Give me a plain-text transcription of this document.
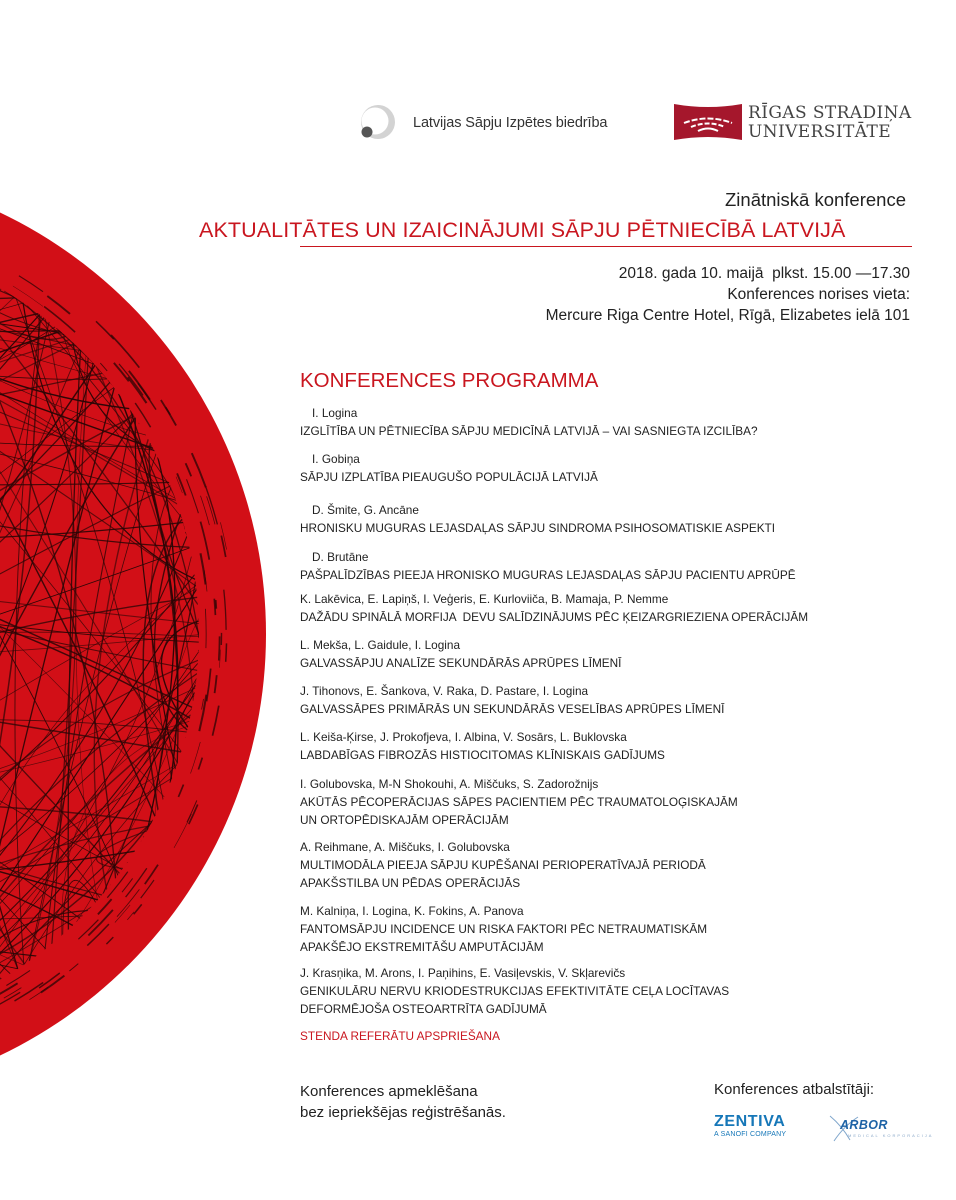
Latvijas Sāpju Izpētes biedrība	RĪGAS STRADIŅA
UNIVERSITĀTE
Zinātniskā konference
AKTUALITĀTES UN IZAICINĀJUMI SĀPJU PĒTNIECĪBĀ LATVIJĀ
2018. gada 10. maijā  plkst. 15.00 —17.30
Konferences norises vieta:
Mercure Riga Centre Hotel, Rīgā, Elizabetes ielā 101
KONFERENCES PROGRAMMA
I. Logina
IZGLĪTĪBA UN PĒTNIECĪBA SĀPJU MEDICĪNĀ LATVIJĀ – VAI SASNIEGTA IZCILĪBA?
I. Gobiņa
SĀPJU IZPLATĪBA PIEAUGUŠO POPULĀCIJĀ LATVIJĀ
D. Šmite, G. Ancāne
HRONISKU MUGURAS LEJASDAĻAS SĀPJU SINDROMA PSIHOSOMATISKIE ASPEKTI
D. Brutāne
PAŠPALĪDZĪBAS PIEEJA HRONISKO MUGURAS LEJASDAĻAS SĀPJU PACIENTU APRŪPĒ
K. Lakēvica, E. Lapiņš, I. Veģeris, E. Kurloviiča, B. Mamaja, P. Nemme
DAŽĀDU SPINĀLĀ MORFIJA  DEVU SALĪDZINĀJUMS PĒC ĶEIZARGRIEZIENA OPERĀCIJĀM
L. Mekša, L. Gaidule, I. Logina
GALVASSĀPJU ANALĪZE SEKUNDĀRĀS APRŪPES LĪMENĪ
J. Tihonovs, E. Šankova, V. Raka, D. Pastare, I. Logina
GALVASSĀPES PRIMĀRĀS UN SEKUNDĀRĀS VESELĪBAS APRŪPES LĪMENĪ
L. Keiša-Ķirse, J. Prokofjeva, I. Albina, V. Sosārs, L. Buklovska
LABDABĪGAS FIBROZĀS HISTIOCITOMAS KLĪNISKAIS GADĪJUMS
I. Golubovska, M-N Shokouhi, A. Miščuks, S. Zadorožnijs
AKŪTĀS PĒCOPERĀCIJAS SĀPES PACIENTIEM PĒC TRAUMATOLOĢISKAJĀM
UN ORTOPĒDISKAJĀM OPERĀCIJĀM
A. Reihmane, A. Miščuks, I. Golubovska
MULTIMODĀLA PIEEJA SĀPJU KUPĒŠANAI PERIOPERATĪVAJĀ PERIODĀ
APAKŠSTILBA UN PĒDAS OPERĀCIJĀS
M. Kalniņa, I. Logina, K. Fokins, A. Panova
FANTOMSĀPJU INCIDENCE UN RISKA FAKTORI PĒC NETRAUMATISKĀM
APAKŠĒJO EKSTREMITĀŠU AMPUTĀCIJĀM
J. Krasņika, M. Arons, I. Paņihins, E. Vasiļevskis, V. Skļarevičs
GENIKULĀRU NERVU KRIODESTRUKCIJAS EFEKTIVITĀTE CEĻA LOCĪTAVAS
DEFORMĒJOŠA OSTEOARTRĪTA GADĪJUMĀ
STENDA REFERĀTU APSPRIEŠANA
Konferences apmeklēšana
bez iepriekšējas reģistrēšanās.
Konferences atbalstītāji:
ZENTIVA
A SANOFI COMPANY
ARBOR
MEDICAL KORPORACIJA
